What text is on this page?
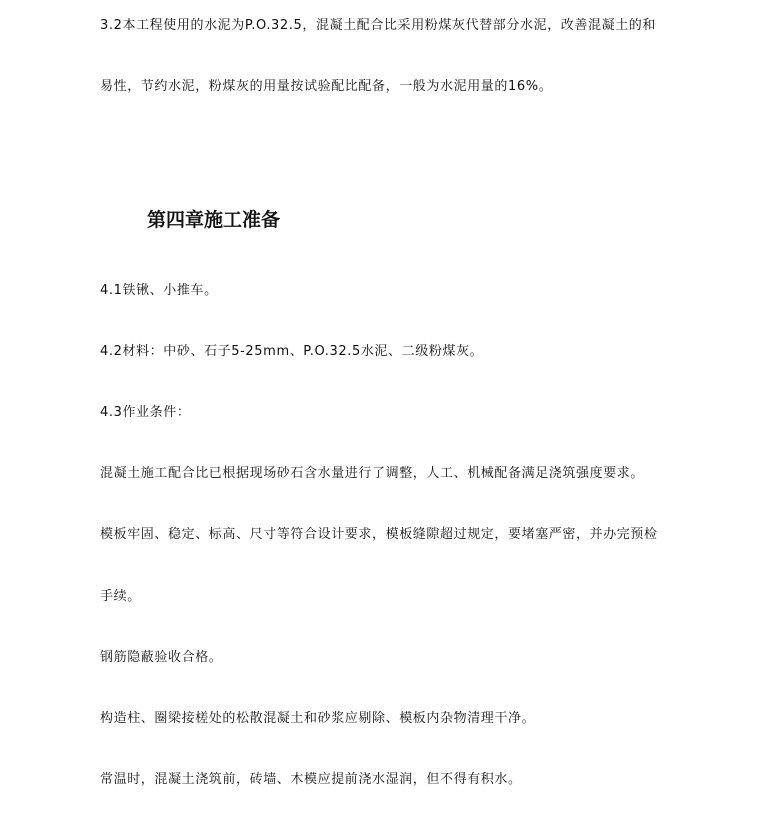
3.2本工程使用的水泥为P.O.32.5，混凝土配合比采用粉煤灰代替部分水泥，改善混凝土的和
易性，节约水泥，粉煤灰的用量按试验配比配备，一般为水泥用量的16%。
第四章施工准备
4.1铁锹、小推车。
4.2材料：中砂、石子5-25mm、P.O.32.5水泥、二级粉煤灰。
4.3作业条件：
混凝土施工配合比已根据现场砂石含水量进行了调整，人工、机械配备满足浇筑强度要求。
模板牢固、稳定、标高、尺寸等符合设计要求，模板缝隙超过规定，要堵塞严密，并办完预检
手续。
钢筋隐蔽验收合格。
构造柱、圈梁接槎处的松散混凝土和砂浆应剔除、模板内杂物清理干净。
常温时，混凝土浇筑前，砖墙、木模应提前浇水湿润，但不得有积水。
